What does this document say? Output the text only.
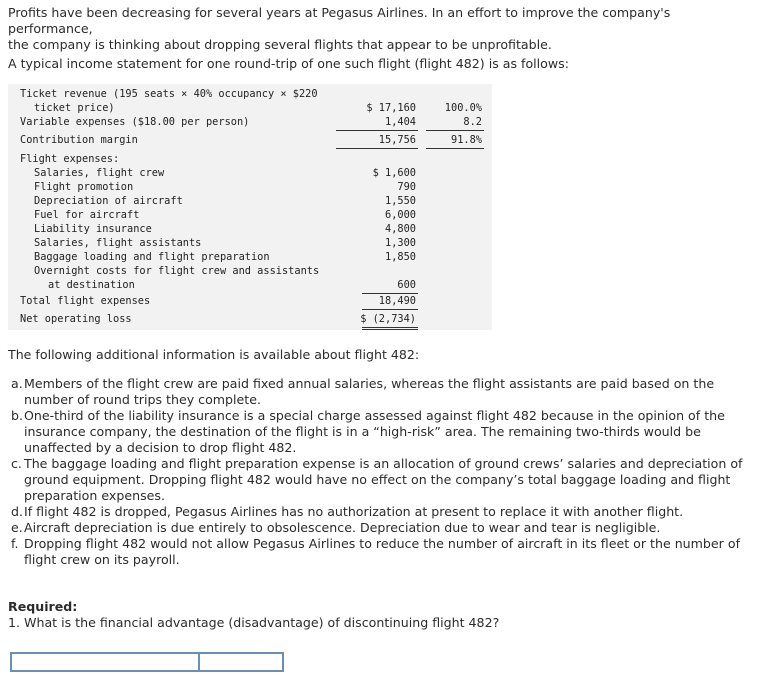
Profits have been decreasing for several years at Pegasus Airlines. In an effort to improve the company's performance,

the company is thinking about dropping several flights that appear to be unprofitable.

A typical income statement for one round-trip of one such flight (flight 482) is as follows:
Ticket revenue (195 seats × 40% occupancy × $220
ticket price)	$ 17,160	100.0%
Variable expenses ($18.00 per person)	1,404	8.2
Contribution margin	15,756	91.8%
Flight expenses:
Salaries, flight crew	$ 1,600
Flight promotion	790
Depreciation of aircraft	1,550
Fuel for aircraft	6,000
Liability insurance	4,800
Salaries, flight assistants	1,300
Baggage loading and flight preparation	1,850
Overnight costs for flight crew and assistants
at destination	600
Total flight expenses	18,490
Net operating loss	$ (2,734)
The following additional information is available about flight 482:
a. Members of the flight crew are paid fixed annual salaries, whereas the flight assistants are paid based on the number of round trips they complete.
b. One-third of the liability insurance is a special charge assessed against flight 482 because in the opinion of the insurance company, the destination of the flight is in a “high-risk” area. The remaining two-thirds would be unaffected by a decision to drop flight 482.
c. The baggage loading and flight preparation expense is an allocation of ground crews’ salaries and depreciation of ground equipment. Dropping flight 482 would have no effect on the company’s total baggage loading and flight preparation expenses.
d. If flight 482 is dropped, Pegasus Airlines has no authorization at present to replace it with another flight.
e. Aircraft depreciation is due entirely to obsolescence. Depreciation due to wear and tear is negligible.
f. Dropping flight 482 would not allow Pegasus Airlines to reduce the number of aircraft in its fleet or the number of flight crew on its payroll.
Required:
1. What is the financial advantage (disadvantage) of discontinuing flight 482?
